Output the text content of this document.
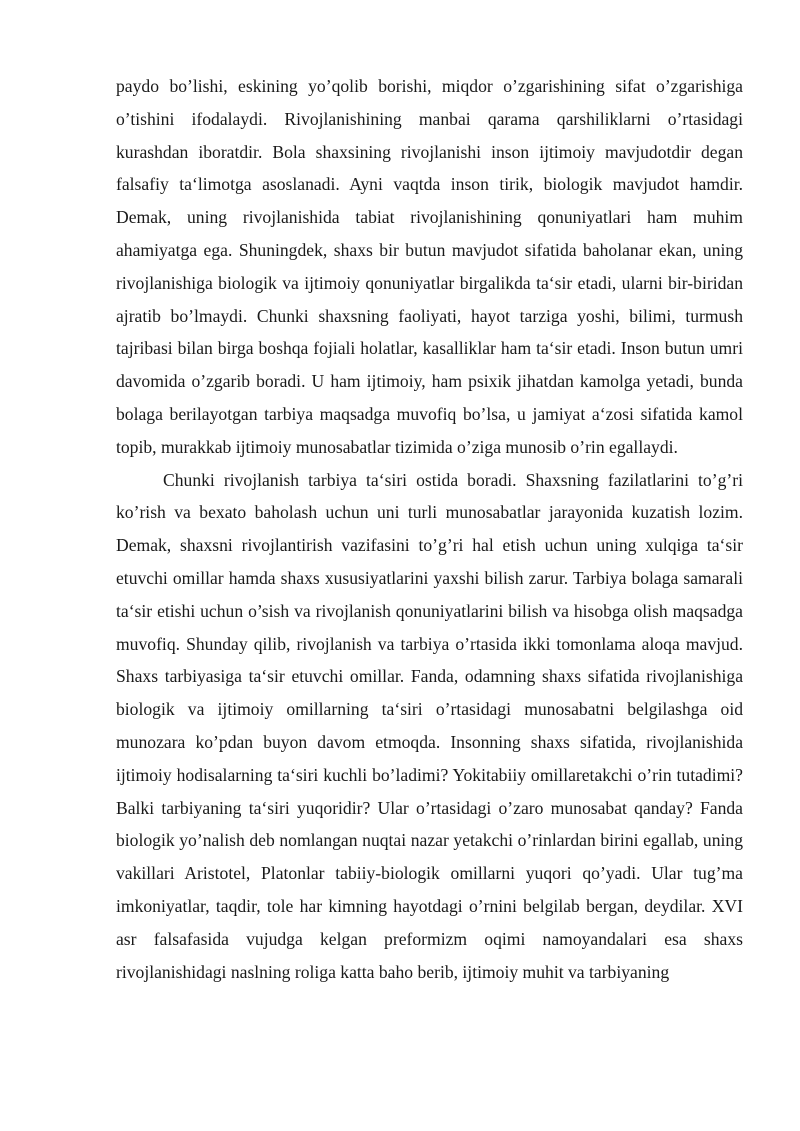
paydo bo’lishi, eskining yo’qolib borishi, miqdor o’zgarishining sifat o’zgarishiga o’tishini ifodalaydi. Rivojlanishining manbai qarama qarshiliklarni o’rtasidagi kurashdan iboratdir. Bola shaxsining rivojlanishi inson ijtimoiy mavjudotdir degan falsafiy ta‘limotga asoslanadi. Ayni vaqtda inson tirik, biologik mavjudot hamdir. Demak, uning rivojlanishida tabiat rivojlanishining qonuniyatlari ham muhim ahamiyatga ega. Shuningdek, shaxs bir butun mavjudot sifatida baholanar ekan, uning rivojlanishiga biologik va ijtimoiy qonuniyatlar birgalikda ta‘sir etadi, ularni bir-biridan ajratib bo’lmaydi. Chunki shaxsning faoliyati, hayot tarziga yoshi, bilimi, turmush tajribasi bilan birga boshqa fojiali holatlar, kasalliklar ham ta‘sir etadi. Inson butun umri davomida o’zgarib boradi. U ham ijtimoiy, ham psixik jihatdan kamolga yetadi, bunda bolaga berilayotgan tarbiya maqsadga muvofiq bo’lsa, u jamiyat a‘zosi sifatida kamol topib, murakkab ijtimoiy munosabatlar tizimida o’ziga munosib o’rin egallaydi.

Chunki rivojlanish tarbiya ta‘siri ostida boradi. Shaxsning fazilatlarini to’g’ri ko’rish va bexato baholash uchun uni turli munosabatlar jarayonida kuzatish lozim. Demak, shaxsni rivojlantirish vazifasini to’g’ri hal etish uchun uning xulqiga ta‘sir etuvchi omillar hamda shaxs xususiyatlarini yaxshi bilish zarur. Tarbiya bolaga samarali ta‘sir etishi uchun o’sish va rivojlanish qonuniyatlarini bilish va hisobga olish maqsadga muvofiq. Shunday qilib, rivojlanish va tarbiya o’rtasida ikki tomonlama aloqa mavjud. Shaxs tarbiyasiga ta‘sir etuvchi omillar. Fanda, odamning shaxs sifatida rivojlanishiga biologik va ijtimoiy omillarning ta‘siri o’rtasidagi munosabatni belgilashga oid munozara ko’pdan buyon davom etmoqda. Insonning shaxs sifatida, rivojlanishida ijtimoiy hodisalarning ta‘siri kuchli bo’ladimi? Yokitabiiy omillaretakchi o’rin tutadimi? Balki tarbiyaning ta‘siri yuqoridir? Ular o’rtasidagi o’zaro munosabat qanday? Fanda biologik yo’nalish deb nomlangan nuqtai nazar yetakchi o’rinlardan birini egallab, uning vakillari Aristotel, Platonlar tabiiy-biologik omillarni yuqori qo’yadi. Ular tug’ma imkoniyatlar, taqdir, tole har kimning hayotdagi o’rnini belgilab bergan, deydilar. XVI asr falsafasida vujudga kelgan preformizm oqimi namoyandalari esa shaxs rivojlanishidagi naslning roliga katta baho berib, ijtimoiy muhit va tarbiyaning
